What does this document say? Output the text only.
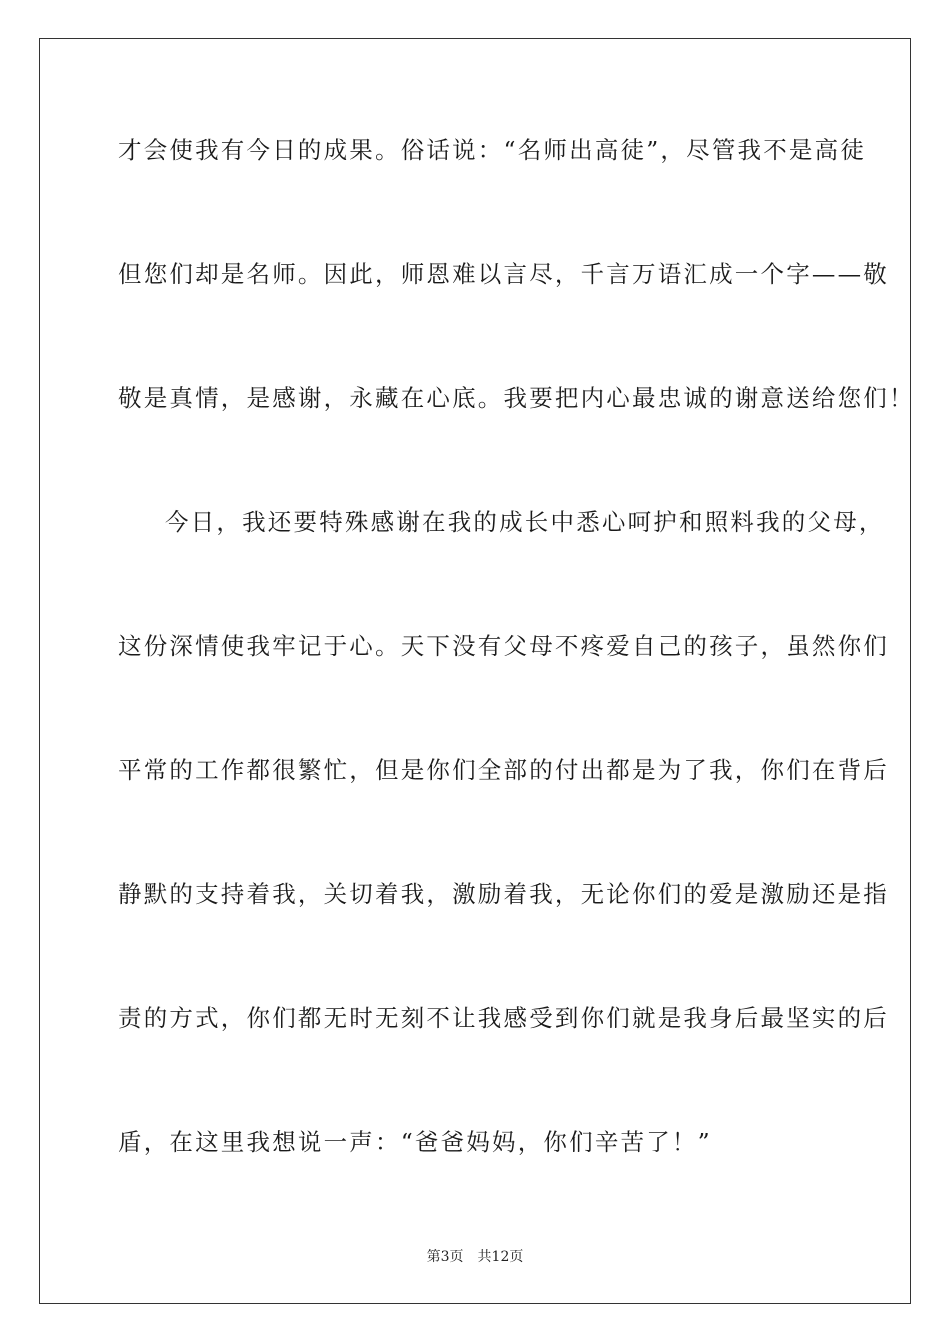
才会使我有今日的成果。俗话说：“名师出高徒”，尽管我不是高徒
但您们却是名师。因此，师恩难以言尽，千言万语汇成一个字——敬
敬是真情，是感谢，永藏在心底。我要把内心最忠诚的谢意送给您们！
今日，我还要特殊感谢在我的成长中悉心呵护和照料我的父母，
这份深情使我牢记于心。天下没有父母不疼爱自己的孩子，虽然你们
平常的工作都很繁忙，但是你们全部的付出都是为了我，你们在背后
静默的支持着我，关切着我，激励着我，无论你们的爱是激励还是指
责的方式，你们都无时无刻不让我感受到你们就是我身后最坚实的后
盾，在这里我想说一声：“爸爸妈妈，你们辛苦了！”
第3页 共12页
